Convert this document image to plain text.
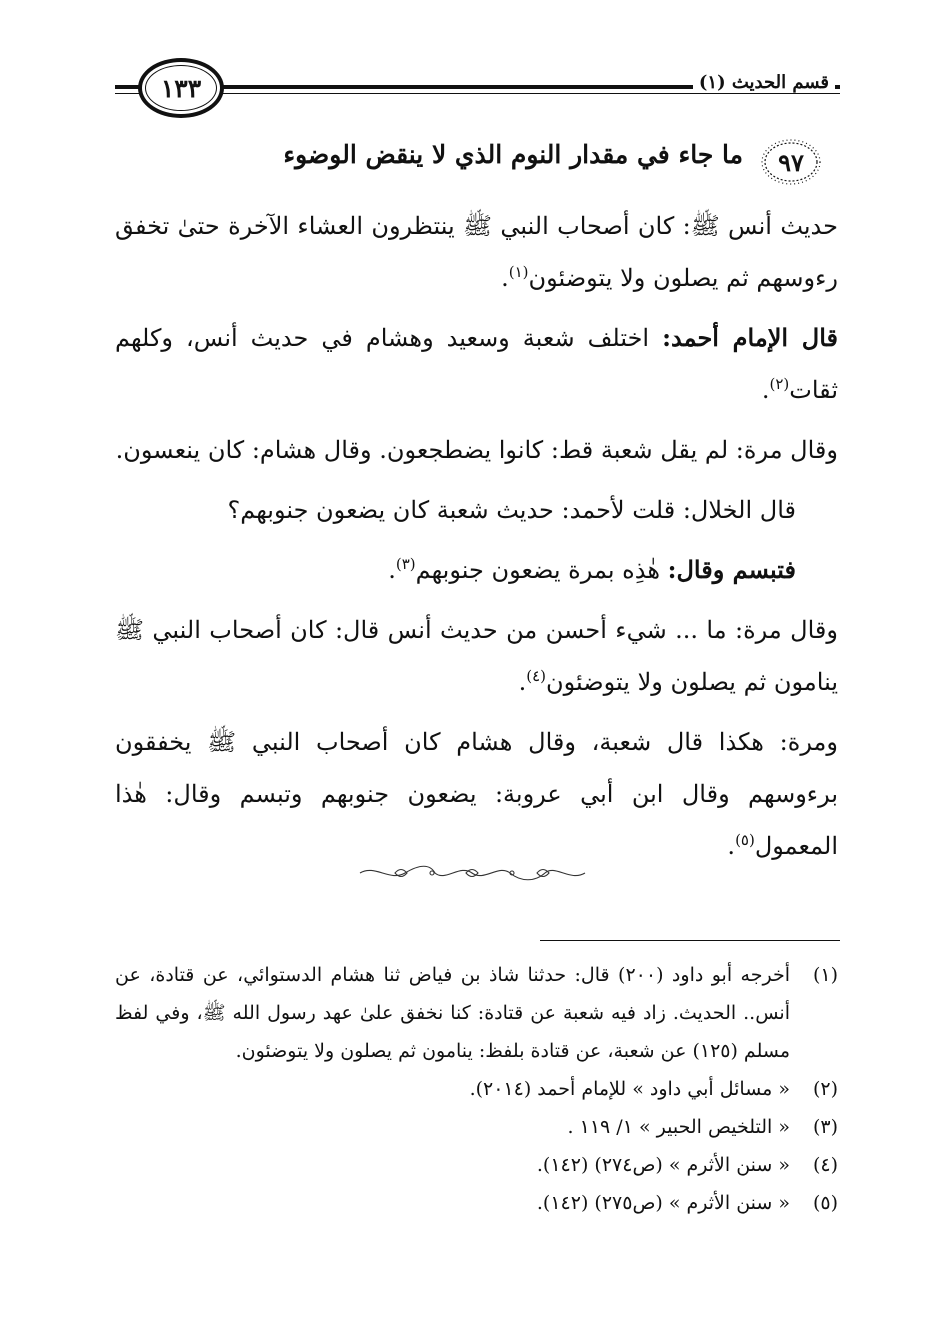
١٣٣	قسم الحديث (١)
٩٧
ما جاء في مقدار النوم الذي لا ينقض الوضوء

حديث أنس ﷺ: كان أصحاب النبي ﷺ ينتظرون العشاء الآخرة حتىٰ تخفق رءوسهم ثم يصلون ولا يتوضئون$^{(١)}$.

قال الإمام أحمد: اختلف شعبة وسعيد وهشام في حديث أنس، وكلهم ثقات$^{(٢)}$.

وقال مرة: لم يقل شعبة قط: كانوا يضطجعون. وقال هشام: كان ينعسون.

قال الخلال: قلت لأحمد: حديث شعبة كان يضعون جنوبهم؟

فتبسم وقال: هٰذِه بمرة يضعون جنوبهم$^{(٣)}$.

وقال مرة: ما ... شيء أحسن من حديث أنس قال: كان أصحاب النبي ﷺ ينامون ثم يصلون ولا يتوضئون$^{(٤)}$.

ومرة: هكذا قال شعبة، وقال هشام كان أصحاب النبي ﷺ يخفقون برءوسهم وقال ابن أبي عروبة: يضعون جنوبهم وتبسم وقال: هٰذا المعمول$^{(٥)}$.

(١)
أخرجه أبو داود (٢٠٠) قال: حدثنا شاذ بن فياض ثنا هشام الدستوائي، عن قتادة، عن أنس.. الحديث. زاد فيه شعبة عن قتادة: كنا نخفق علىٰ عهد رسول الله ﷺ، وفي لفظ مسلم (١٢٥) عن شعبة، عن قتادة بلفظ: ينامون ثم يصلون ولا يتوضئون.
(٢)
« مسائل أبي داود » للإمام أحمد (٢٠١٤).
(٣)
« التلخيص الحبير » ١/ ١١٩ .
(٤)
« سنن الأثرم » (ص٢٧٤) (١٤٢).
(٥)
« سنن الأثرم » (ص٢٧٥) (١٤٢).
